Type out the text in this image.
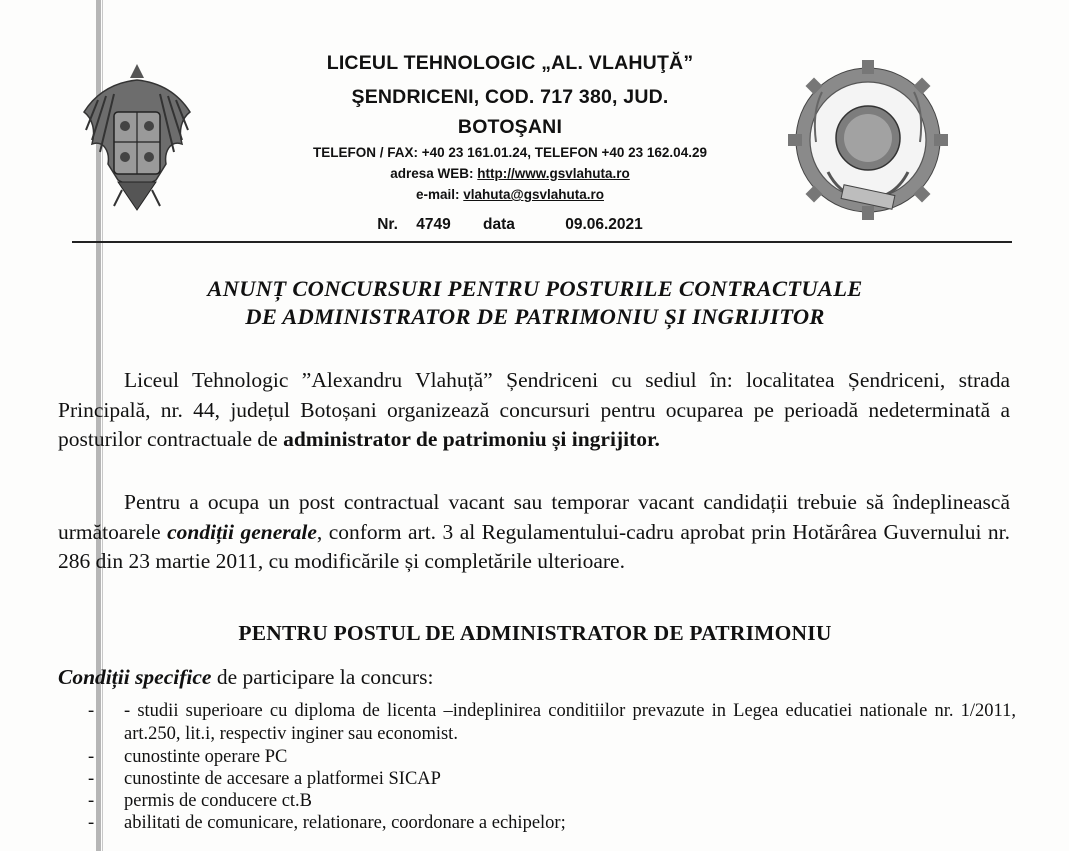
LICEUL TEHNOLOGIC „AL. VLAHUŢĂ”
ŞENDRICENI, COD. 717 380, JUD.
BOTOŞANI
TELEFON / FAX: +40 23 161.01.24, TELEFON +40 23 162.04.29
adresa WEB: http://www.gsvlahuta.ro
e-mail: vlahuta@gsvlahuta.ro
Nr. 4749 data	09.06.2021
ANUNȚ CONCURSURI PENTRU POSTURILE CONTRACTUALE
DE ADMINISTRATOR DE PATRIMONIU ȘI INGRIJITOR

Liceul Tehnologic ”Alexandru Vlahuță” Șendriceni cu sediul în: localitatea Șendriceni, strada Principală, nr. 44, județul Botoșani organizează concursuri pentru ocuparea pe perioadă nedeterminată a posturilor contractuale de administrator de patrimoniu și ingrijitor.

Pentru a ocupa un post contractual vacant sau temporar vacant candidații trebuie să îndeplinească următoarele condiții generale, conform art. 3 al Regulamentului-cadru aprobat prin Hotărârea Guvernului nr. 286 din 23 martie 2011, cu modificările și completările ulterioare.

PENTRU POSTUL DE ADMINISTRATOR DE PATRIMONIU
Condiții specifice de participare la concurs:
- - studii superioare cu diploma de licenta –indeplinirea conditiilor prevazute in Legea educatiei nationale nr. 1/2011, art.250, lit.i, respectiv inginer sau economist.
- cunostinte operare PC
- cunostinte de accesare a platformei SICAP
- permis de conducere ct.B
- abilitati de comunicare, relationare, coordonare a echipelor;
